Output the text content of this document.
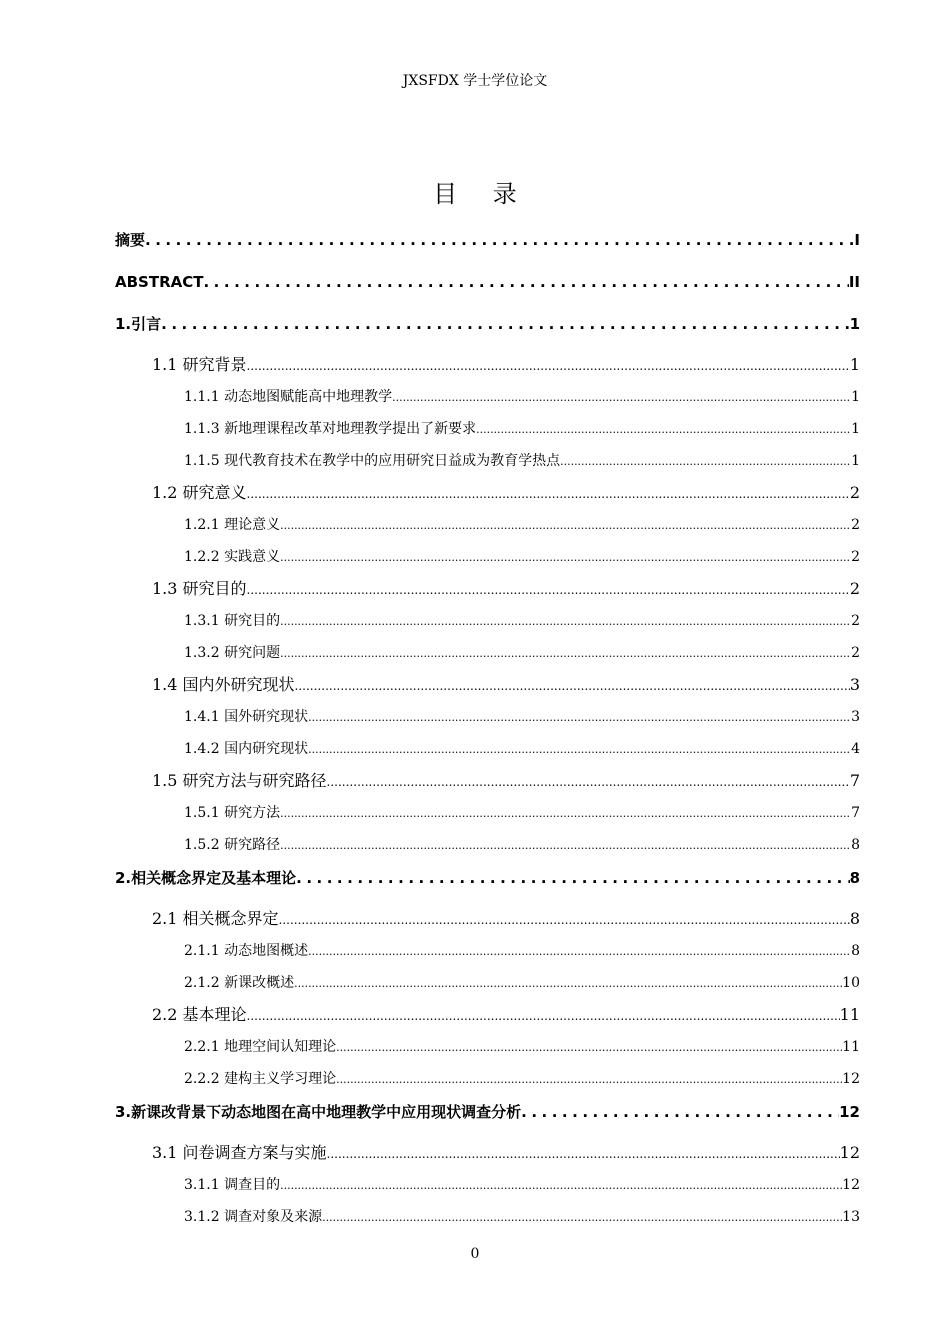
JXSFDX 学士学位论文
目 录
摘要 .....	I
ABSTRACT .....	II
1.引言 .....	1
1.1 研究背景 .....	1
1.1.1 动态地图赋能高中地理教学 .....	1
1.1.3 新地理课程改革对地理教学提出了新要求 .....	1
1.1.5 现代教育技术在教学中的应用研究日益成为教育学热点 .....	1
1.2 研究意义 .....	2
1.2.1 理论意义 .....	2
1.2.2 实践意义 .....	2
1.3 研究目的 .....	2
1.3.1 研究目的 .....	2
1.3.2 研究问题 .....	2
1.4 国内外研究现状 .....	3
1.4.1 国外研究现状 .....	3
1.4.2 国内研究现状 .....	4
1.5 研究方法与研究路径 .....	7
1.5.1 研究方法 .....	7
1.5.2 研究路径 .....	8
2.相关概念界定及基本理论 .....	8
2.1 相关概念界定 .....	8
2.1.1 动态地图概述 .....	8
2.1.2 新课改概述 .....	10
2.2 基本理论 .....	11
2.2.1 地理空间认知理论 .....	11
2.2.2 建构主义学习理论 .....	12
3.新课改背景下动态地图在高中地理教学中应用现状调查分析 .....	12
3.1 问卷调查方案与实施 .....	12
3.1.1 调查目的 .....	12
3.1.2 调查对象及来源 .....	13
0
